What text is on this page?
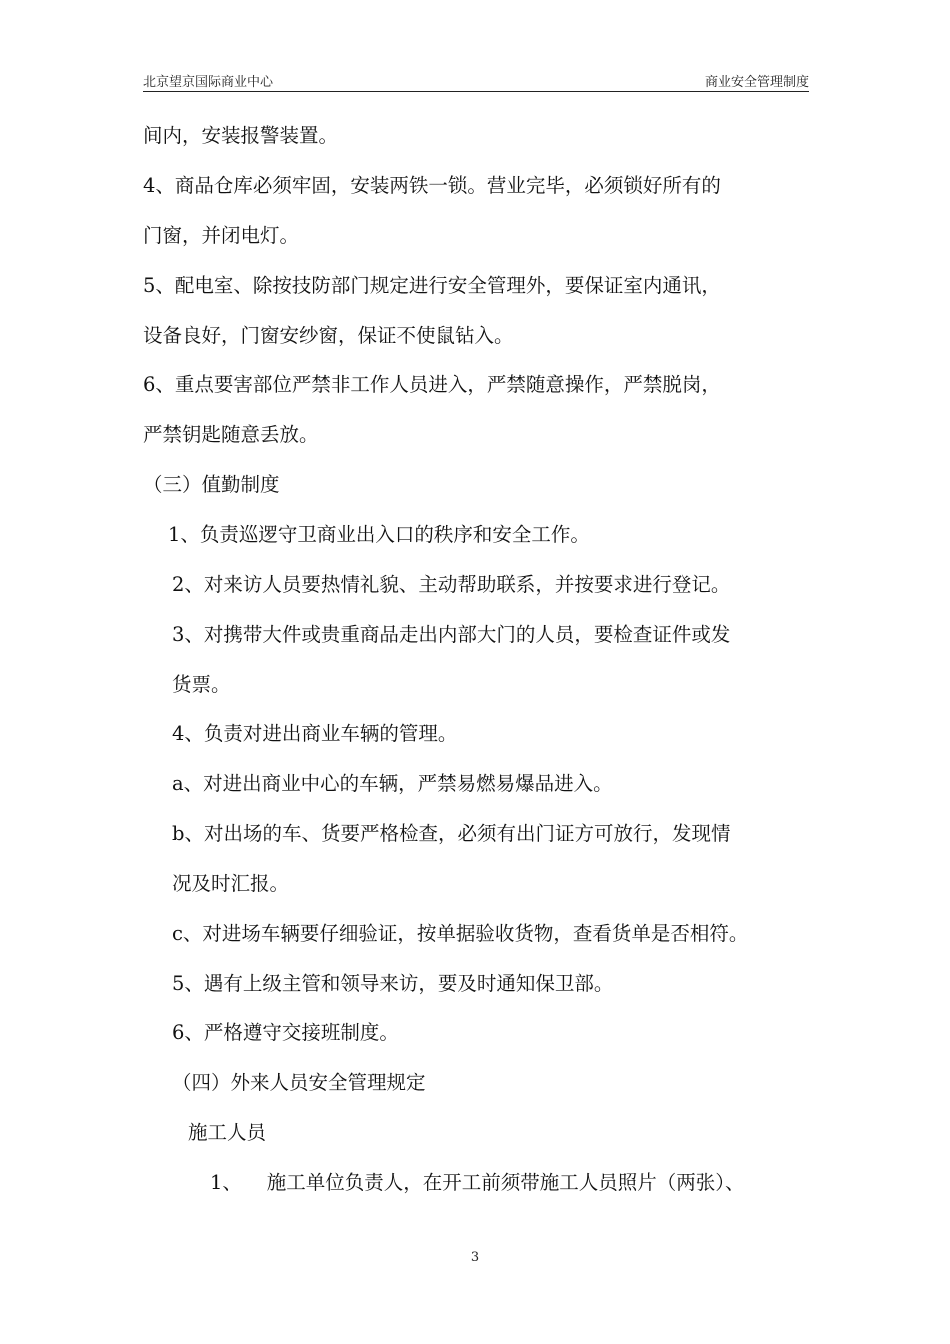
北京望京国际商业中心	商业安全管理制度
间内，安装报警装置。
4、商品仓库必须牢固，安装两铁一锁。营业完毕，必须锁好所有的
门窗，并闭电灯。
5、配电室、除按技防部门规定进行安全管理外，要保证室内通讯，
设备良好，门窗安纱窗，保证不使鼠钻入。
6、重点要害部位严禁非工作人员进入，严禁随意操作，严禁脱岗，
严禁钥匙随意丢放。
（三）值勤制度
1、负责巡逻守卫商业出入口的秩序和安全工作。
2、对来访人员要热情礼貌、主动帮助联系，并按要求进行登记。
3、对携带大件或贵重商品走出内部大门的人员，要检查证件或发
货票。
4、负责对进出商业车辆的管理。
a、对进出商业中心的车辆，严禁易燃易爆品进入。
b、对出场的车、货要严格检查，必须有出门证方可放行，发现情
况及时汇报。
c、对进场车辆要仔细验证，按单据验收货物，查看货单是否相符。
5、遇有上级主管和领导来访，要及时通知保卫部。
6、严格遵守交接班制度。
（四）外来人员安全管理规定
施工人员
1、    施工单位负责人，在开工前须带施工人员照片（两张）、
3
